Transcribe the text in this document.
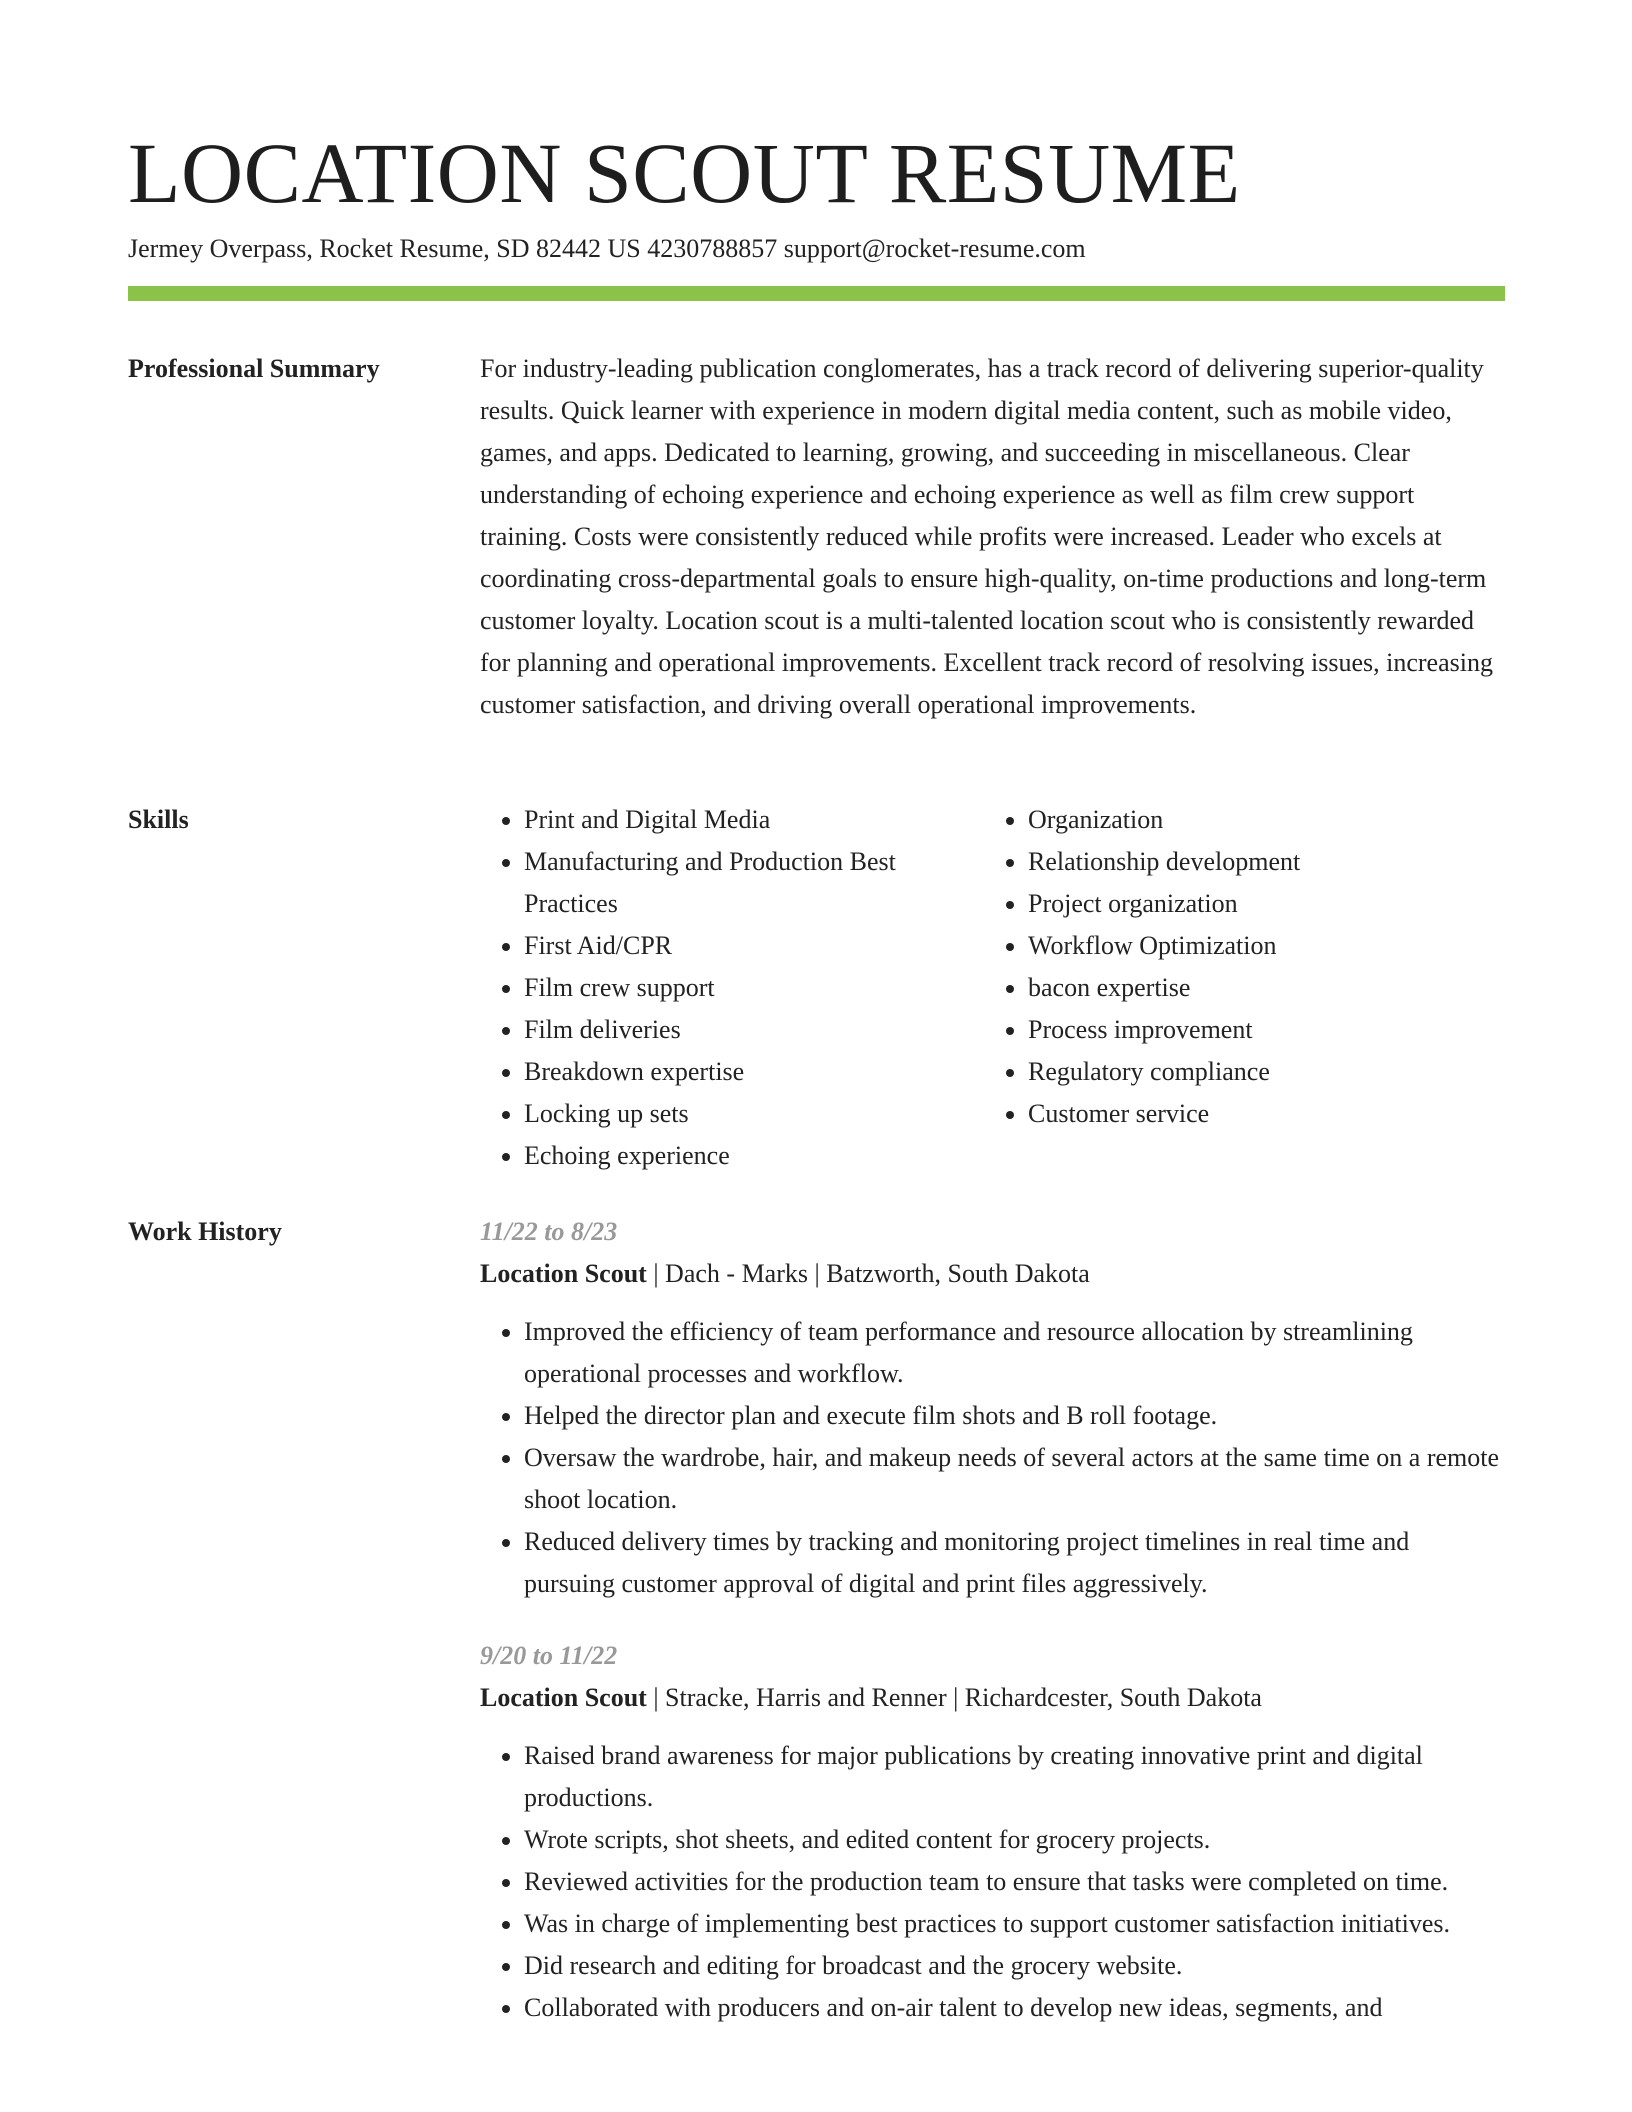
LOCATION SCOUT RESUME
Jermey Overpass, Rocket Resume, SD 82442 US 4230788857 support@rocket-resume.com
Professional Summary	For industry-leading publication conglomerates, has a track record of delivering superior-quality results. Quick learner with experience in modern digital media content, such as mobile video, games, and apps. Dedicated to learning, growing, and succeeding in miscellaneous. Clear understanding of echoing experience and echoing experience as well as film crew support training. Costs were consistently reduced while profits were increased. Leader who excels at coordinating cross-departmental goals to ensure high-quality, on-time productions and long-term customer loyalty. Location scout is a multi-talented location scout who is consistently rewarded for planning and operational improvements. Excellent track record of resolving issues, increasing customer satisfaction, and driving overall operational improvements.

Skills
•	Print and Digital Media
• Manufacturing and Production Best Practices
• First Aid/CPR
• Film crew support
• Film deliveries
• Breakdown expertise
• Locking up sets
• Echoing experience
• Organization
• Relationship development
• Project organization
• Workflow Optimization
• bacon expertise
• Process improvement
• Regulatory compliance
• Customer service
Work History	11/22 to 8/23
Location Scout | Dach - Marks | Batzworth, South Dakota
• Improved the efficiency of team performance and resource allocation by streamlining operational processes and workflow.
• Helped the director plan and execute film shots and B roll footage.
• Oversaw the wardrobe, hair, and makeup needs of several actors at the same time on a remote shoot location.
• Reduced delivery times by tracking and monitoring project timelines in real time and pursuing customer approval of digital and print files aggressively.
9/20 to 11/22
Location Scout | Stracke, Harris and Renner | Richardcester, South Dakota
• Raised brand awareness for major publications by creating innovative print and digital productions.
• Wrote scripts, shot sheets, and edited content for grocery projects.
• Reviewed activities for the production team to ensure that tasks were completed on time.
• Was in charge of implementing best practices to support customer satisfaction initiatives.
• Did research and editing for broadcast and the grocery website.
• Collaborated with producers and on-air talent to develop new ideas, segments, and
